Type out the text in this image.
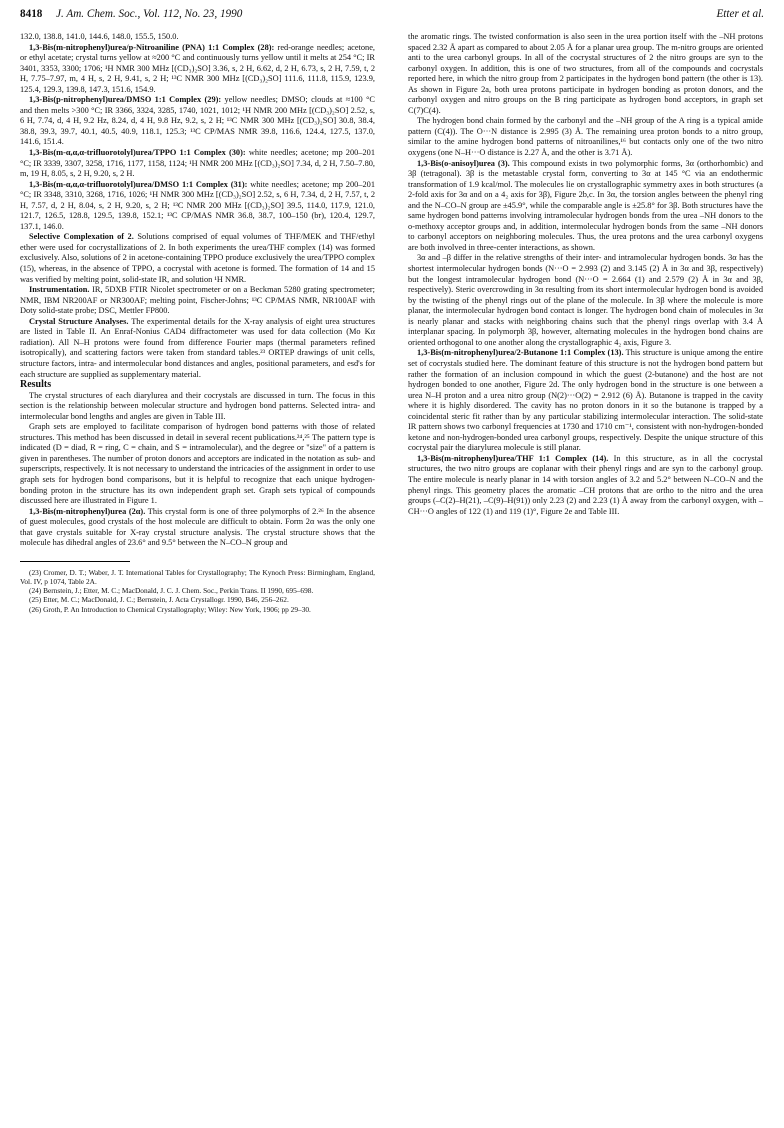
8418 J. Am. Chem. Soc., Vol. 112, No. 23, 1990	Etter et al.

132.0, 138.8, 141.0, 144.6, 148.0, 155.5, 150.0.

1,3-Bis(m-nitrophenyl)urea/p-Nitroaniline (PNA) 1:1 Complex (28): red-orange needles; acetone, or ethyl acetate; crystal turns yellow at ≈200 °C and continuously turns yellow until it melts at 254 °C; IR 3401, 3353, 3300; 1706; ¹H NMR 300 MHz [(CD₃)₂SO] 3.36, s, 2 H, 6.62, d, 2 H, 6.73, s, 2 H, 7.59, t, 2 H, 7.75–7.97, m, 4 H, s, 2 H, 9.41, s, 2 H; ¹³C NMR 300 MHz [(CD₃)₂SO] 111.6, 111.8, 115.9, 123.9, 125.4, 129.3, 139.8, 147.3, 151.6, 154.9.

1,3-Bis(p-nitrophenyl)urea/DMSO 1:1 Complex (29): yellow needles; DMSO; clouds at ≈100 °C and then melts >300 °C; IR 3366, 3324, 3285, 1740, 1021, 1012; ¹H NMR 200 MHz [(CD₃)₂SO] 2.52, s, 6 H, 7.74, d, 4 H, 9.2 Hz, 8.24, d, 4 H, 9.8 Hz, 9.2, s, 2 H; ¹³C NMR 300 MHz [(CD₃)₂SO] 30.8, 38.4, 38.8, 39.3, 39.7, 40.1, 40.5, 40.9, 118.1, 125.3; ¹³C CP/MAS NMR 39.8, 116.6, 124.4, 127.5, 137.0, 141.6, 151.4.

1,3-Bis(m-α,α,α-trifluorotolyl)urea/TPPO 1:1 Complex (30): white needles; acetone; mp 200–201 °C; IR 3339, 3307, 3258, 1716, 1177, 1158, 1124; ¹H NMR 200 MHz [(CD₃)₂SO] 7.34, d, 2 H, 7.50–7.80, m, 19 H, 8.05, s, 2 H, 9.20, s, 2 H.

1,3-Bis(m-α,α,α-trifluorotolyl)urea/DMSO 1:1 Complex (31): white needles; acetone; mp 200–201 °C; IR 3348, 3310, 3268, 1716, 1026; ¹H NMR 300 MHz [(CD₃)₂SO] 2.52, s, 6 H, 7.34, d, 2 H, 7.57, t, 2 H, 7.57, d, 2 H, 8.04, s, 2 H, 9.20, s, 2 H; ¹³C NMR 200 MHz [(CD₃)₂SO] 39.5, 114.0, 117.9, 121.0, 121.7, 126.5, 128.8, 129.5, 139.8, 152.1; ¹³C CP/MAS NMR 36.8, 38.7, 100–150 (br), 120.4, 129.7, 137.1, 146.0.

Selective Complexation of 2. Solutions comprised of equal volumes of THF/MEK and THF/ethyl ether were used for cocrystallizations of 2. In both experiments the urea/THF complex (14) was formed exclusively. Also, solutions of 2 in acetone-containing TPPO produce exclusively the urea/TPPO complex (15), whereas, in the absence of TPPO, a cocrystal with acetone is formed. The formation of 14 and 15 was verified by melting point, solid-state IR, and solution ¹H NMR.

Instrumentation. IR, 5DXB FTIR Nicolet spectrometer or on a Beckman 5280 grating spectrometer; NMR, IBM NR200AF or NR300AF; melting point, Fischer-Johns; ¹³C CP/MAS NMR, NR100AF with Doty solid-state probe; DSC, Mettler FP800.

Crystal Structure Analyses. The experimental details for the X-ray analysis of eight urea structures are listed in Table II. An Enraf-Nonius CAD4 diffractometer was used for data collection (Mo Kα radiation). All N–H protons were found from difference Fourier maps (thermal parameters refined isotropically), and scattering factors were taken from standard tables.²³ ORTEP drawings of unit cells, structure factors, intra- and intermolecular bond distances and angles, positional parameters, and esd's for each structure are supplied as supplementary material.

Results

The crystal structures of each diarylurea and their cocrystals are discussed in turn. The focus in this section is the relationship between molecular structure and hydrogen bond patterns. Selected intra- and intermolecular bond lengths and angles are given in Table III.

Graph sets are employed to facilitate comparison of hydrogen bond patterns with those of related structures. This method has been discussed in detail in several recent publications.²⁴,²⁵ The pattern type is indicated (D = diad, R = ring, C = chain, and S = intramolecular), and the degree or "size" of a pattern is given in parentheses. The number of proton donors and acceptors are indicated in the notation as sub- and superscripts, respectively. It is not necessary to understand the intricacies of the assignment in order to use graph sets for hydrogen bond comparisons, but it is helpful to recognize that each unique hydrogen-bonding proton in the structure has its own independent graph set. Graph sets typical of compounds discussed here are illustrated in Figure 1.

1,3-Bis(m-nitrophenyl)urea (2α). This crystal form is one of three polymorphs of 2.²⁶ In the absence of guest molecules, good crystals of the host molecule are difficult to obtain. Form 2α was the only one that gave crystals suitable for X-ray crystal structure analysis. The crystal structure shows that the molecule has dihedral angles of 23.6° and 9.5° between the N–CO–N group and

(23) Cromer, D. T.; Waber, J. T. International Tables for Crystallography; The Kynoch Press: Birmingham, England, Vol. IV, p 1074, Table 2A.

(24) Bernstein, J.; Etter, M. C.; MacDonald, J. C. J. Chem. Soc., Perkin Trans. II 1990, 695–698.

(25) Etter, M. C.; MacDonald, J. C.; Bernstein, J. Acta Crystallogr. 1990, B46, 256–262.

(26) Groth, P. An Introduction to Chemical Crystallography; Wiley: New York, 1906; pp 29–30.

the aromatic rings. The twisted conformation is also seen in the urea portion itself with the –NH protons spaced 2.32 Å apart as compared to about 2.05 Å for a planar urea group. The m-nitro groups are oriented anti to the urea carbonyl groups. In all of the cocrystal structures of 2 the nitro groups are syn to the carbonyl oxygen. In addition, this is one of two structures, from all of the compounds and cocrystals reported here, in which the nitro group from 2 participates in the hydrogen bond pattern (the other is 13). As shown in Figure 2a, both urea protons participate in hydrogen bonding as proton donors, and the carbonyl oxygen and nitro groups on the B ring participate as hydrogen bond acceptors, in graph set C(7)C(4).

The hydrogen bond chain formed by the carbonyl and the –NH group of the A ring is a typical amide pattern (C(4)). The O···N distance is 2.995 (3) Å. The remaining urea proton bonds to a nitro group, similar to the amine hydrogen bond patterns of nitroanilines,¹⁶ but contacts only one of the two nitro oxygens (one N–H···O distance is 2.27 Å, and the other is 3.71 Å).

1,3-Bis(o-anisoyl)urea (3). This compound exists in two polymorphic forms, 3α (orthorhombic) and 3β (tetragonal). 3β is the metastable crystal form, converting to 3α at 145 °C via an endothermic transformation of 1.9 kcal/mol. The molecules lie on crystallographic symmetry axes in both structures (a 2-fold axis for 3α and on a 4₂ axis for 3β), Figure 2b,c. In 3α, the torsion angles between the phenyl ring and the N–CO–N group are ±45.9°, while the comparable angle is ±25.8° for 3β. Both structures have the same hydrogen bond patterns involving intramolecular hydrogen bonds from the urea –NH donors to the o-methoxy acceptor groups and, in addition, intermolecular hydrogen bonds from the same –NH donors to carbonyl acceptors on neighboring molecules. Thus, the urea protons and the urea carbonyl oxygens are both involved in three-center interactions, as shown.

3α and –β differ in the relative strengths of their inter- and intramolecular hydrogen bonds. 3α has the shortest intermolecular hydrogen bonds (N···O = 2.993 (2) and 3.145 (2) Å in 3α and 3β, respectively) but the longest intramolecular hydrogen bond (N···O = 2.664 (1) and 2.579 (2) Å in 3α and 3β, respectively). Steric overcrowding in 3α resulting from its short intermolecular hydrogen bond is avoided by the twisting of the phenyl rings out of the plane of the molecule. In 3β where the molecule is more planar, the intermolecular hydrogen bond contact is longer. The hydrogen bond chain of molecules in 3α is nearly planar and stacks with neighboring chains such that the phenyl rings overlap with 3.4 Å interplanar spacing. In polymorph 3β, however, alternating molecules in the hydrogen bond chains are oriented orthogonal to one another along the crystallographic 4₂ axis, Figure 3.

1,3-Bis(m-nitrophenyl)urea/2-Butanone 1:1 Complex (13). This structure is unique among the entire set of cocrystals studied here. The dominant feature of this structure is not the hydrogen bond pattern but rather the formation of an inclusion compound in which the guest (2-butanone) and the host are not hydrogen bonded to one another, Figure 2d. The only hydrogen bond in the structure is one between a urea N–H proton and a urea nitro group (N(2)···O(2) = 2.912 (6) Å). Butanone is trapped in the cavity where it is highly disordered. The cavity has no proton donors in it so the butanone is trapped by a coincidental steric fit rather than by any particular stabilizing intermolecular interaction. The solid-state IR pattern shows two carbonyl frequencies at 1730 and 1710 cm⁻¹, consistent with non-hydrogen-bonded ketone and non-hydrogen-bonded urea carbonyl groups, respectively. Despite the unique structure of this cocrystal pair the diarylurea molecule is still planar.

1,3-Bis(m-nitrophenyl)urea/THF 1:1 Complex (14). In this structure, as in all the cocrystal structures, the two nitro groups are coplanar with their phenyl rings and are syn to the carbonyl group. The entire molecule is nearly planar in 14 with torsion angles of 3.2 and 5.2° between N–CO–N and the phenyl rings. This geometry places the aromatic –CH protons that are ortho to the nitro and the urea groups (–C(2)–H(21), –C(9)–H(91)) only 2.23 (2) and 2.23 (1) Å away from the carbonyl oxygen, with –CH···O angles of 122 (1) and 119 (1)°, Figure 2e and Table III.
